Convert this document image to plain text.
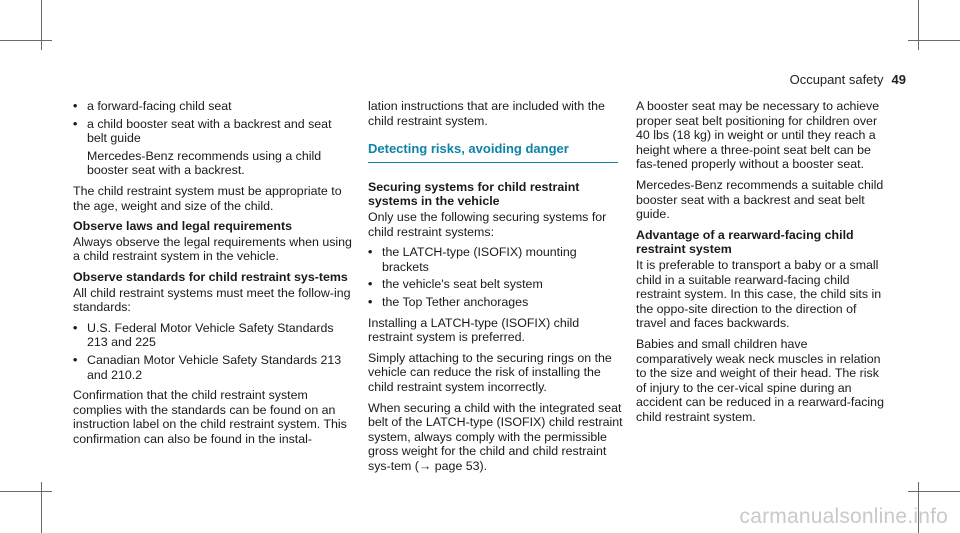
Occupant safety 49
• a forward-facing child seat
• a child booster seat with a backrest and seat belt guide
Mercedes-Benz recommends using a child booster seat with a backrest.

The child restraint system must be appropriate to the age, weight and size of the child.

Observe laws and legal requirements

Always observe the legal requirements when using a child restraint system in the vehicle.

Observe standards for child restraint sys-tems

All child restraint systems must meet the follow-ing standards:

• U.S. Federal Motor Vehicle Safety Standards 213 and 225
• Canadian Motor Vehicle Safety Standards 213 and 210.2

Confirmation that the child restraint system complies with the standards can be found on an instruction label on the child restraint system. This confirmation can also be found in the instal-

lation instructions that are included with the child restraint system.

Detecting risks, avoiding danger

Securing systems for child restraint systems in the vehicle

Only use the following securing systems for child restraint systems:

• the LATCH-type (ISOFIX) mounting brackets
• the vehicle's seat belt system
• the Top Tether anchorages

Installing a LATCH-type (ISOFIX) child restraint system is preferred.

Simply attaching to the securing rings on the vehicle can reduce the risk of installing the child restraint system incorrectly.

When securing a child with the integrated seat belt of the LATCH-type (ISOFIX) child restraint system, always comply with the permissible gross weight for the child and child restraint sys-tem (→ page 53).

A booster seat may be necessary to achieve proper seat belt positioning for children over 40 lbs (18 kg) in weight or until they reach a height where a three-point seat belt can be fas-tened properly without a booster seat.

Mercedes-Benz recommends a suitable child booster seat with a backrest and seat belt guide.

Advantage of a rearward-facing child restraint system

It is preferable to transport a baby or a small child in a suitable rearward-facing child restraint system. In this case, the child sits in the oppo-site direction to the direction of travel and faces backwards.

Babies and small children have comparatively weak neck muscles in relation to the size and weight of their head. The risk of injury to the cer-vical spine during an accident can be reduced in a rearward-facing child restraint system.

carmanualsonline.info
